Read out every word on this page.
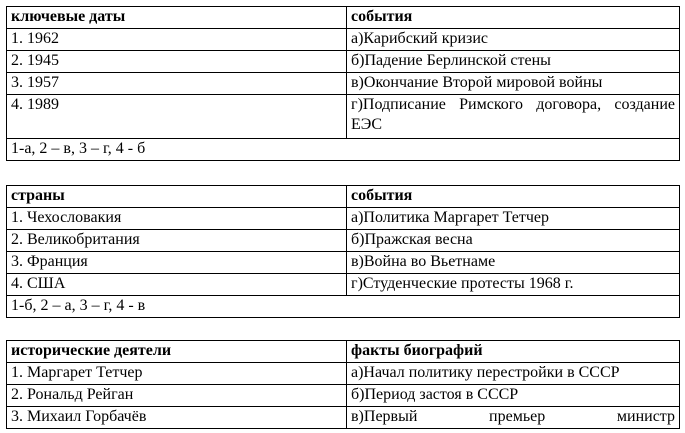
ключевые даты	события
1. 1962	а)Карибский кризис
2. 1945	б)Падение Берлинской стены
3. 1957	в)Окончание Второй мировой войны
4. 1989	г)Подписание Римского договора, создание ЕЭС
1-а, 2 – в, 3 – г, 4 - б	
страны	события
1. Чехословакия	а)Политика Маргарет Тетчер
2. Великобритания	б)Пражская весна
3. Франция	в)Война во Вьетнаме
4. США	г)Студенческие протесты 1968 г.
1-б, 2 – а, 3 – г, 4 - в	
исторические деятели	факты биографий
1. Маргарет Тетчер	а)Начал политику перестройки в СССР
2. Рональд Рейган	б)Период застоя в СССР
3. Михаил Горбачёв	в)Первый премьер министр
